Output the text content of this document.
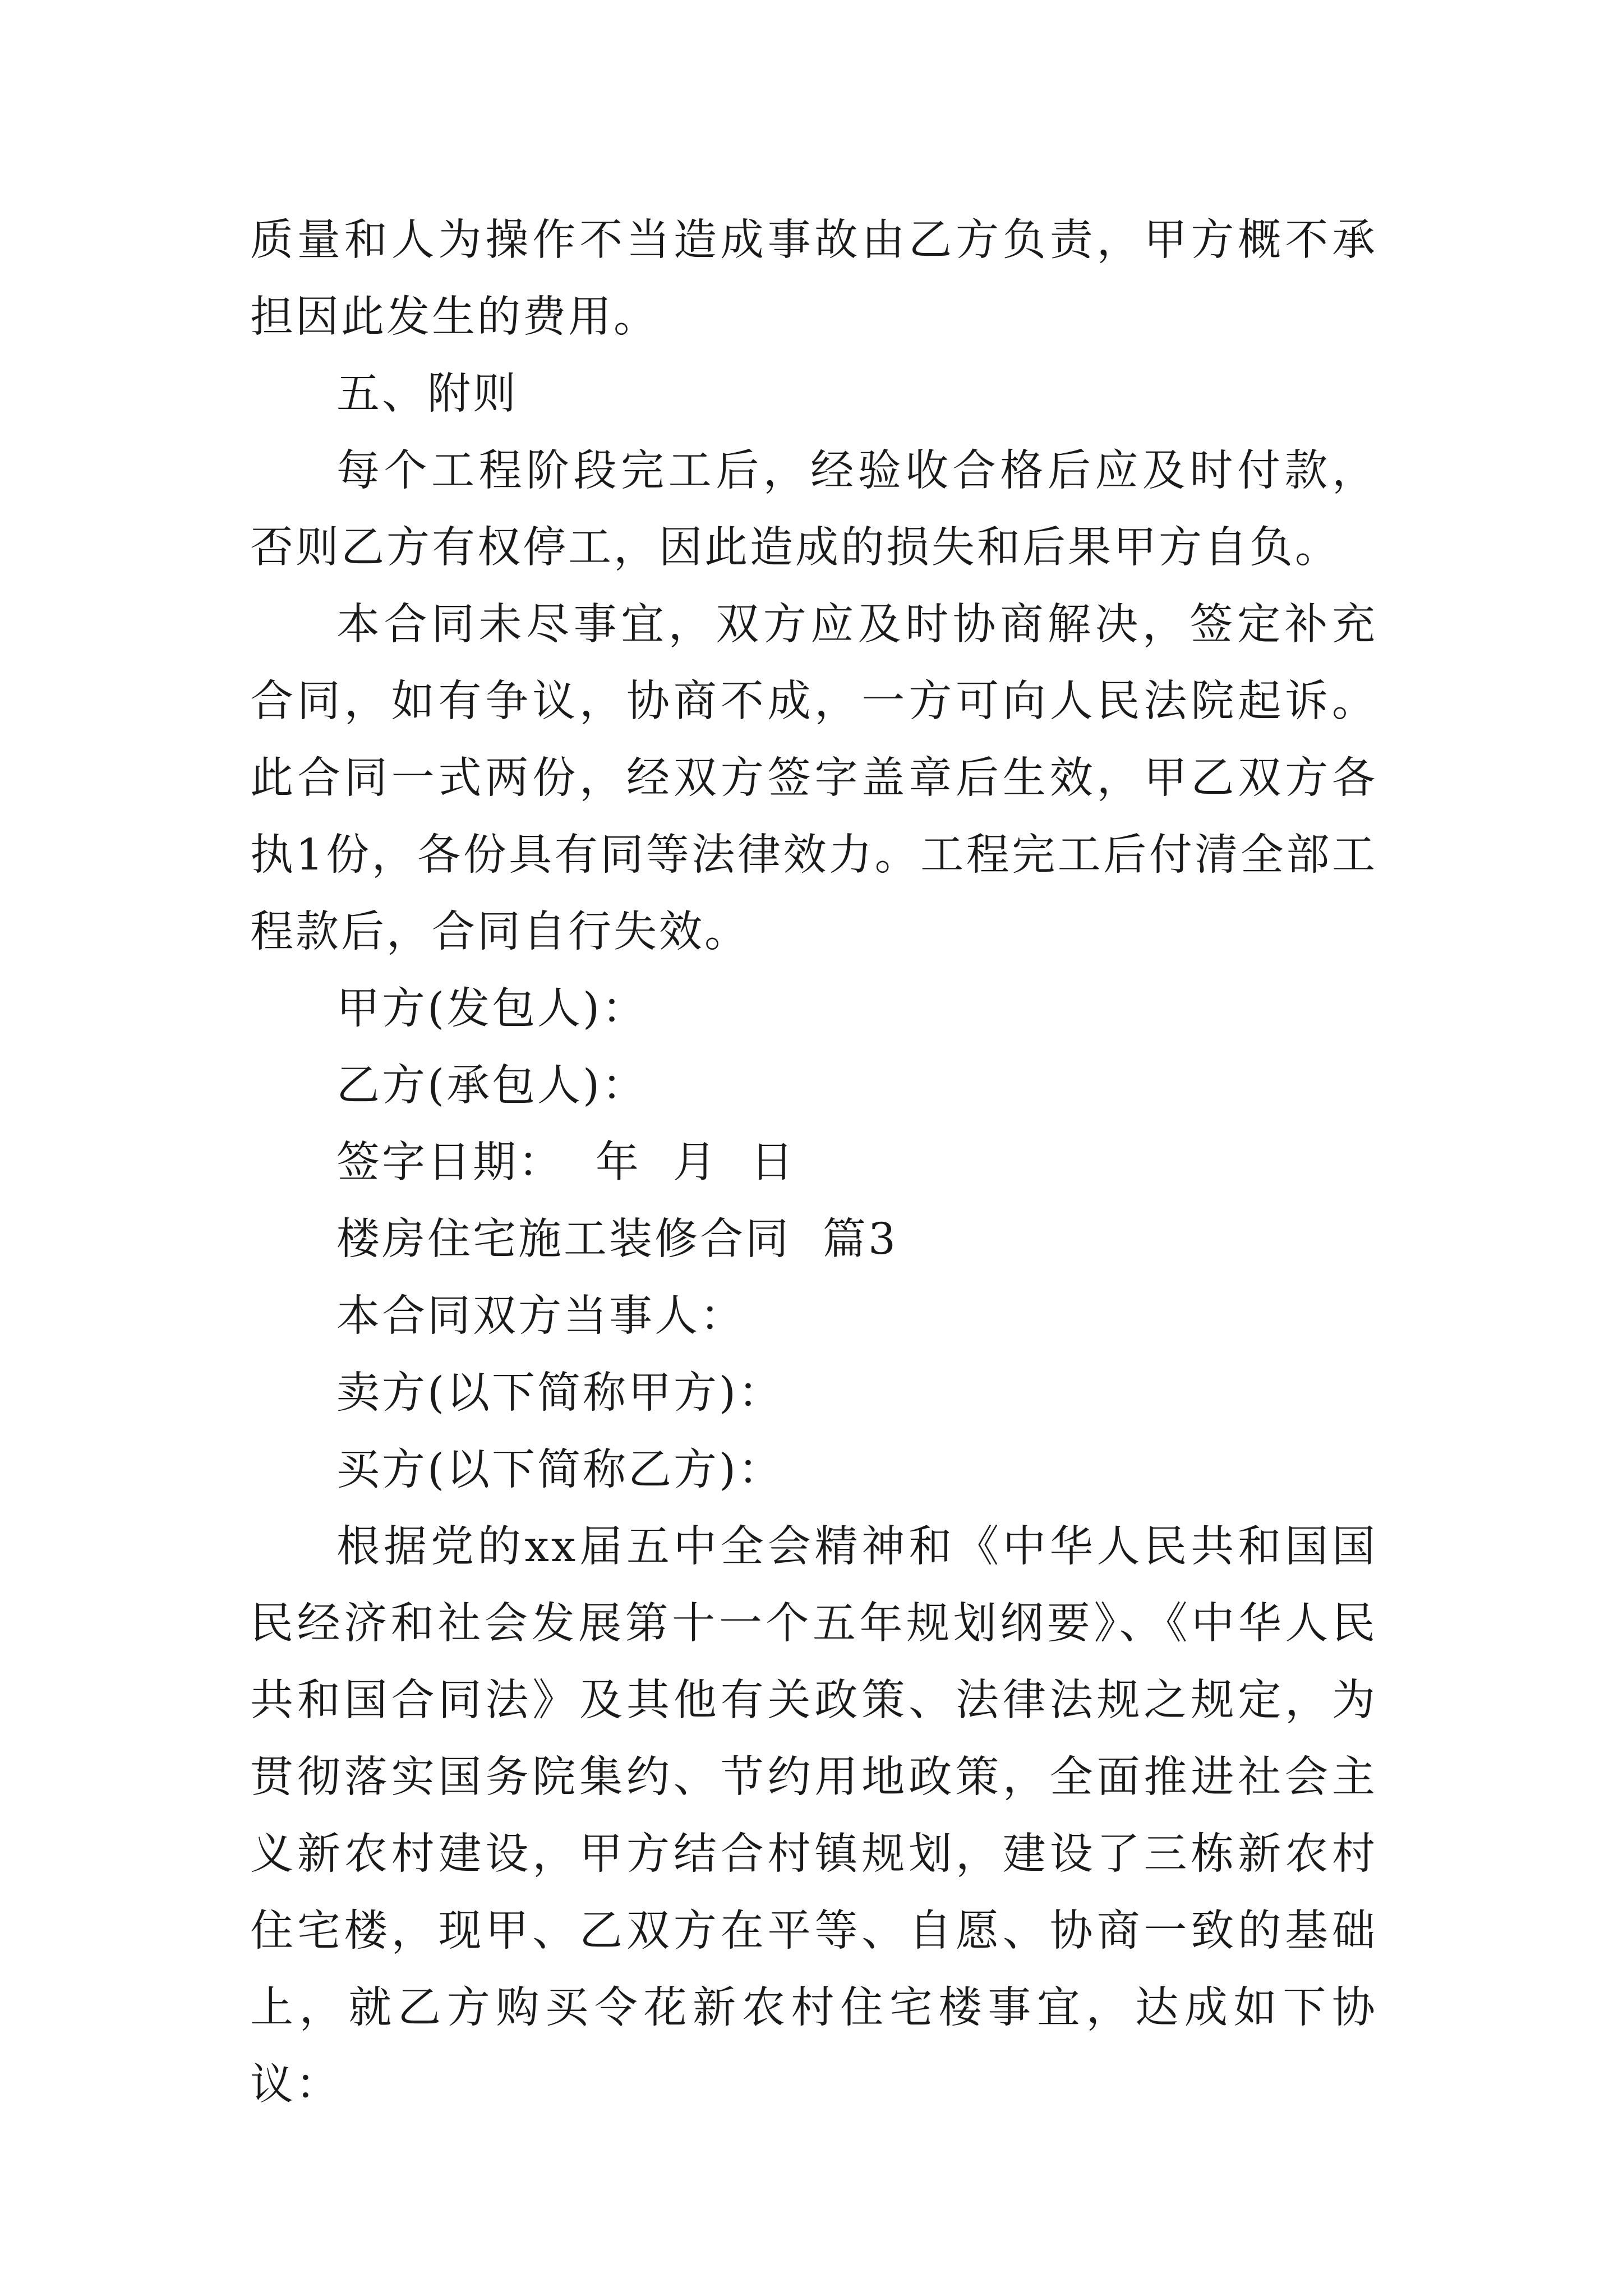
质量和人为操作不当造成事故由乙方负责，甲方概不承担因此发生的费用。

五、附则

每个工程阶段完工后，经验收合格后应及时付款，否则乙方有权停工，因此造成的损失和后果甲方自负。

本合同未尽事宜，双方应及时协商解决，签定补充合同，如有争议，协商不成，一方可向人民法院起诉。此合同一式两份，经双方签字盖章后生效，甲乙双方各执1份，各份具有同等法律效力。工程完工后付清全部工程款后，合同自行失效。

甲方(发包人)：

乙方(承包人)：

签字日期：  年  月  日

楼房住宅施工装修合同  篇3

本合同双方当事人：

卖方(以下简称甲方)：

买方(以下简称乙方)：

根据党的xx届五中全会精神和《中华人民共和国国民经济和社会发展第十一个五年规划纲要》、《中华人民共和国合同法》及其他有关政策、法律法规之规定，为贯彻落实国务院集约、节约用地政策，全面推进社会主义新农村建设，甲方结合村镇规划，建设了三栋新农村住宅楼，现甲、乙双方在平等、自愿、协商一致的基础上，就乙方购买令花新农村住宅楼事宜，达成如下协议：
